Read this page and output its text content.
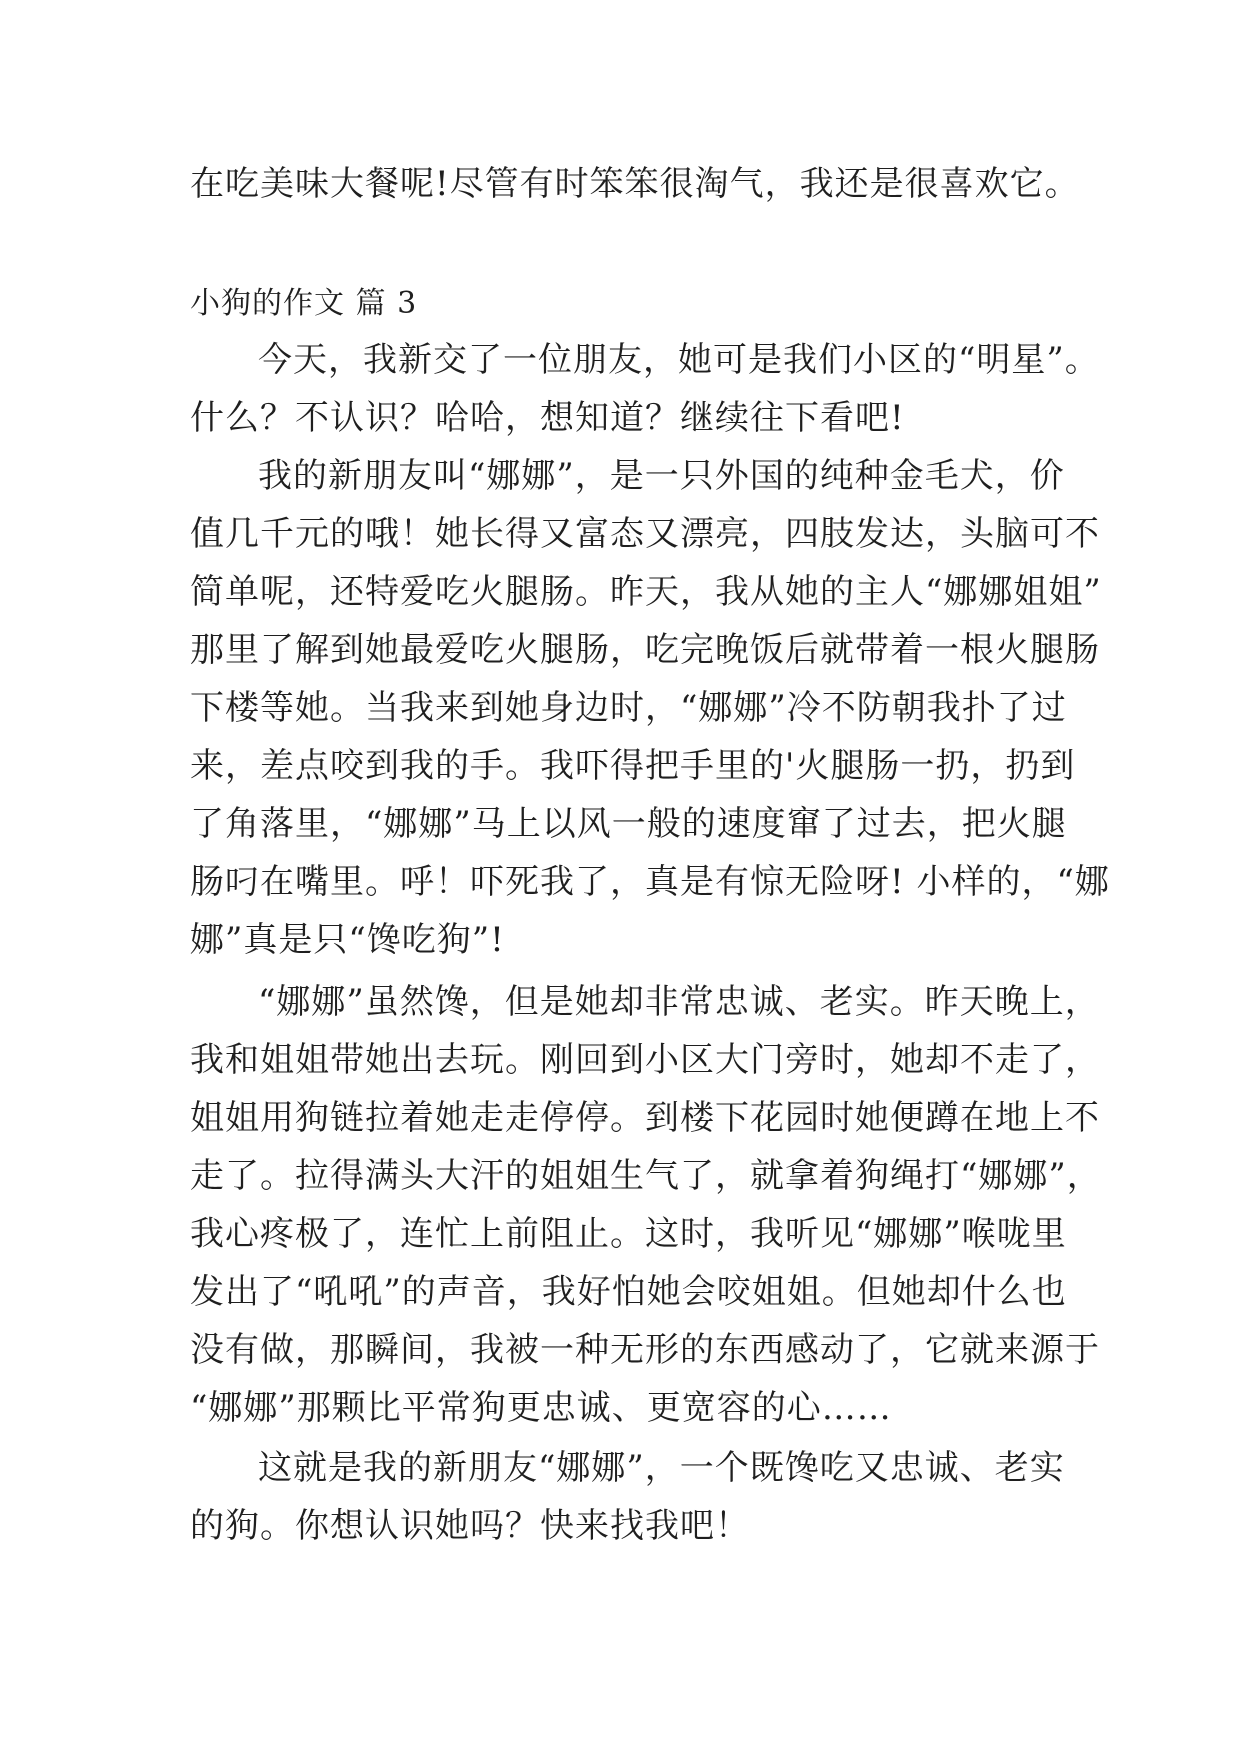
在吃美味大餐呢!尽管有时笨笨很淘气，我还是很喜欢它。
小狗的作文 篇 3
今天，我新交了一位朋友，她可是我们小区的“明星”。
什么？不认识？哈哈，想知道？继续往下看吧!
我的新朋友叫“娜娜”，是一只外国的纯种金毛犬，价
值几千元的哦！她长得又富态又漂亮，四肢发达，头脑可不
简单呢，还特爱吃火腿肠。昨天，我从她的主人“娜娜姐姐”
那里了解到她最爱吃火腿肠，吃完晚饭后就带着一根火腿肠
下楼等她。当我来到她身边时，“娜娜”冷不防朝我扑了过
来，差点咬到我的手。我吓得把手里的'火腿肠一扔，扔到
了角落里，“娜娜”马上以风一般的速度窜了过去，把火腿
肠叼在嘴里。呼！吓死我了，真是有惊无险呀! 小样的，“娜
娜”真是只“馋吃狗”!
“娜娜”虽然馋，但是她却非常忠诚、老实。昨天晚上，
我和姐姐带她出去玩。刚回到小区大门旁时，她却不走了，
姐姐用狗链拉着她走走停停。到楼下花园时她便蹲在地上不
走了。拉得满头大汗的姐姐生气了，就拿着狗绳打“娜娜”，
我心疼极了，连忙上前阻止。这时，我听见“娜娜”喉咙里
发出了“吼吼”的声音，我好怕她会咬姐姐。但她却什么也
没有做，那瞬间，我被一种无形的东西感动了，它就来源于
“娜娜”那颗比平常狗更忠诚、更宽容的心……
这就是我的新朋友“娜娜”，一个既馋吃又忠诚、老实
的狗。你想认识她吗？快来找我吧！
